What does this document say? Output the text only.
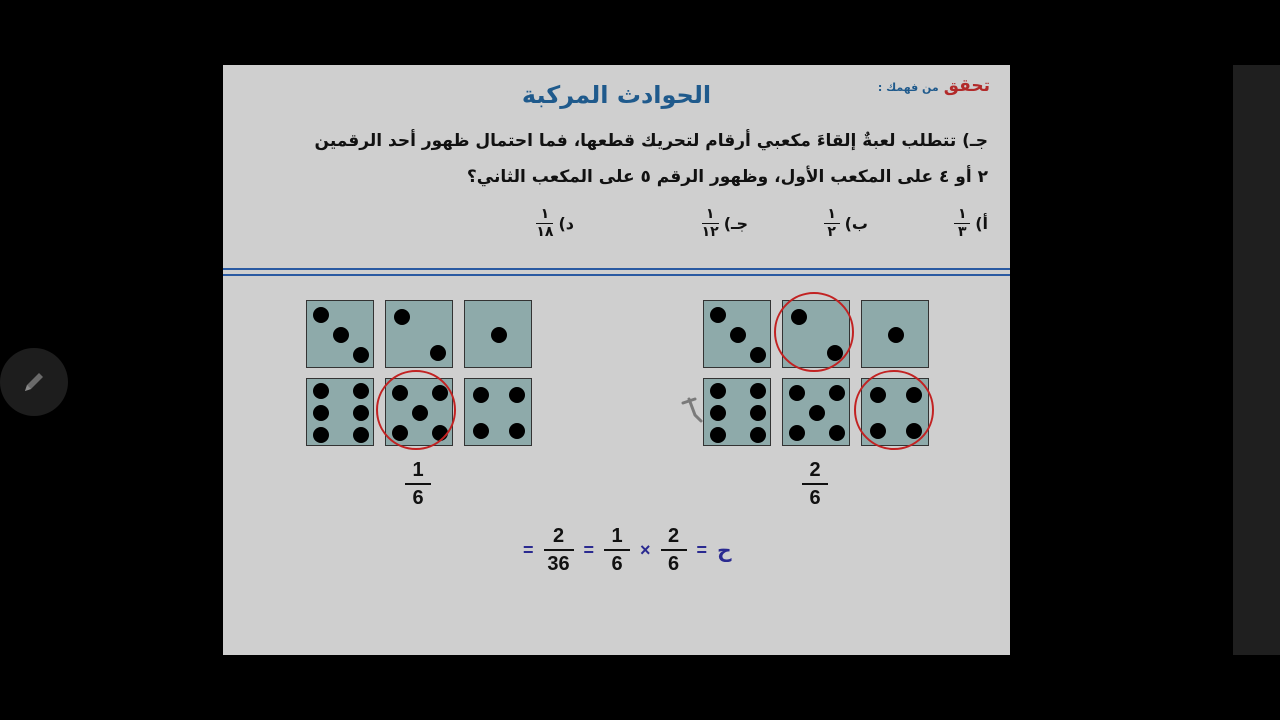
تحقق من فهمك :
الحوادث المركبة
جـ) تتطلب لعبةٌ إلقاءَ مكعبي أرقام لتحريك قطعها، فما احتمال ظهور أحد الرقمين
٢ أو ٤ على المكعب الأول، وظهور الرقم ٥ على المكعب الثاني؟
أ)
١
٣
ب)
١
٢
جـ)
١
١٢
د)
١
١٨
1
6
2
6
= $\frac{2}{36} = \frac{1}{6} \times \frac{2}{6}$ = ح
